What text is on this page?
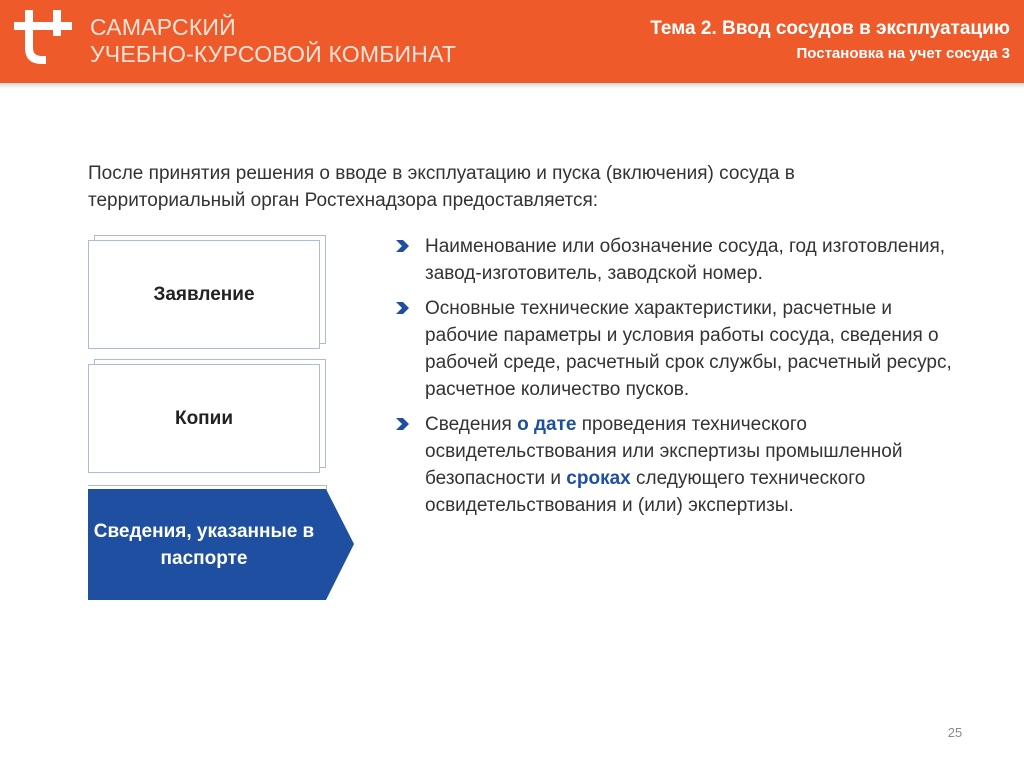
САМАРСКИЙ
УЧЕБНО-КУРСОВОЙ КОМБИНАТ
Тема 2. Ввод сосудов в эксплуатацию
Постановка на учет сосуда 3
После принятия решения о вводе в эксплуатацию и пуска (включения) сосуда в территориальный орган Ростехнадзора предоставляется:
Заявление
Копии
Сведения, указанные в паспорте
Наименование или обозначение сосуда, год изготовления, завод-изготовитель, заводской номер.
Основные технические характеристики, расчетные и рабочие параметры и условия работы сосуда, сведения о рабочей среде, расчетный срок службы, расчетный ресурс, расчетное количество пусков.
Сведения о дате проведения технического освидетельствования или экспертизы промышленной безопасности и сроках следующего технического освидетельствования и (или) экспертизы.
25
